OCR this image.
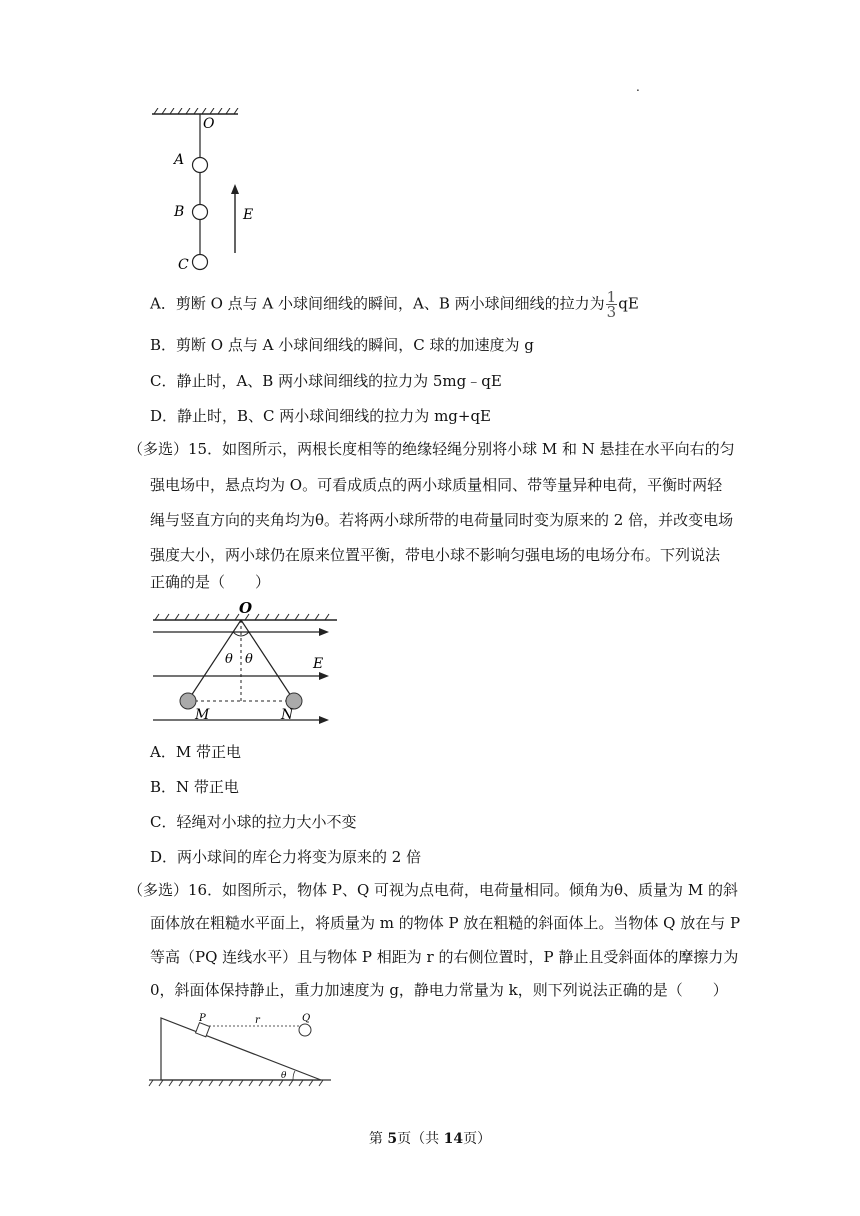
.
O
A
B
C
E
A．剪断 O 点与 A 小球间细线的瞬间，A、B 两小球间细线的拉力为 $\frac{1}{3}$ qE
B．剪断 O 点与 A 小球间细线的瞬间，C 球的加速度为 g
C．静止时，A、B 两小球间细线的拉力为 5mg﹣qE
D．静止时，B、C 两小球间细线的拉力为 mg+qE
（多选）15．如图所示，两根长度相等的绝缘轻绳分别将小球 M 和 N 悬挂在水平向右的匀
强电场中，悬点均为 O。可看成质点的两小球质量相同、带等量异种电荷，平衡时两轻
绳与竖直方向的夹角均为θ。若将两小球所带的电荷量同时变为原来的 2 倍，并改变电场
强度大小，两小球仍在原来位置平衡，带电小球不影响匀强电场的电场分布。下列说法
正确的是（　　）
O
E
θ θ
M	N
A．M 带正电
B．N 带正电
C．轻绳对小球的拉力大小不变
D．两小球间的库仑力将变为原来的 2 倍
（多选）16．如图所示，物体 P、Q 可视为点电荷，电荷量相同。倾角为θ、质量为 M 的斜
面体放在粗糙水平面上，将质量为 m 的物体 P 放在粗糙的斜面体上。当物体 Q 放在与 P
等高（PQ 连线水平）且与物体 P 相距为 r 的右侧位置时，P 静止且受斜面体的摩擦力为
0，斜面体保持静止，重力加速度为 g，静电力常量为 k，则下列说法正确的是（　　）
P	r	Q
θ
第 5页（共 14页）
